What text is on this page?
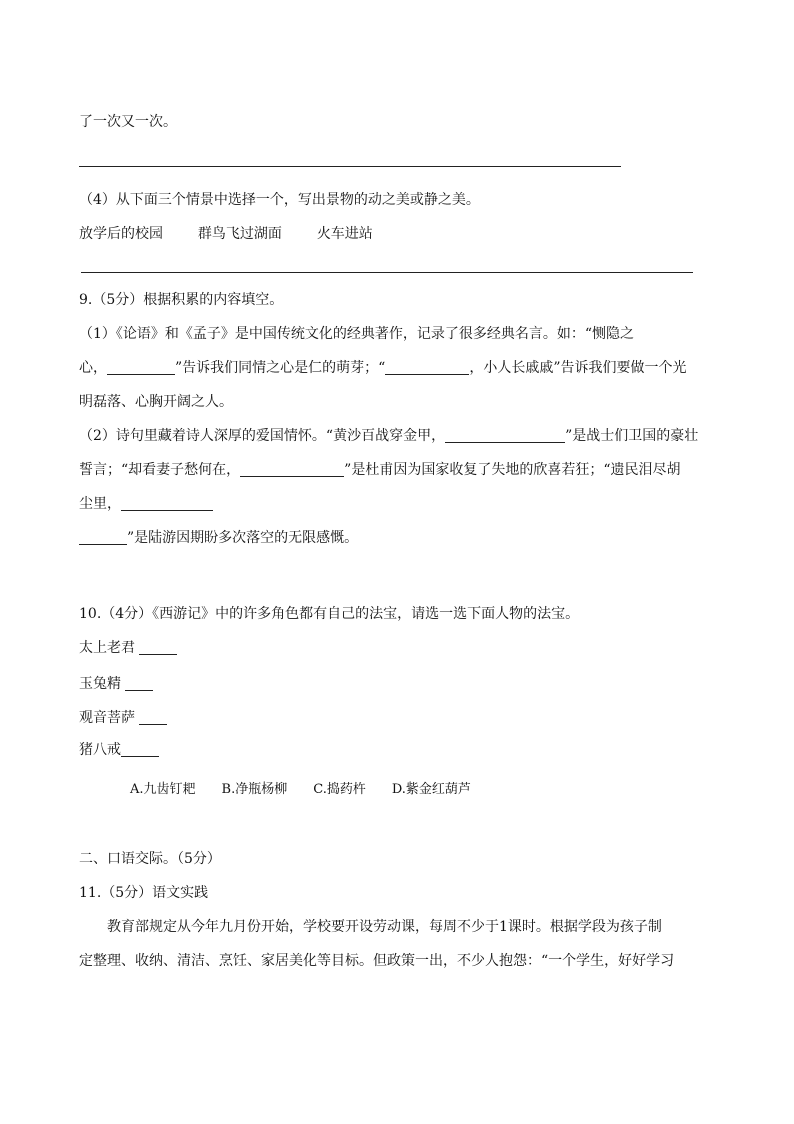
了一次又一次。
（4）从下面三个情景中选择一个，写出景物的动之美或静之美。
放学后的校园 群鸟飞过湖面 火车进站
9.（5分）根据积累的内容填空。
（1）《论语》和《孟子》是中国传统文化的经典著作，记录了很多经典名言。如：“恻隐之
心，	”告诉我们同情之心是仁的萌芽；“	，小人长戚戚”告诉我们要做一个光
明磊落、心胸开阔之人。
（2）诗句里藏着诗人深厚的爱国情怀。“黄沙百战穿金甲，	”是战士们卫国的豪壮
誓言；“却看妻子愁何在，	”是杜甫因为国家收复了失地的欣喜若狂；“遗民泪尽胡
尘里，
”是陆游因期盼多次落空的无限感慨。
10.（4分）《西游记》中的许多角色都有自己的法宝，请选一选下面人物的法宝。
太上老君
玉兔精
观音菩萨
猪八戒
A.九齿钉耙 B.净瓶杨柳 C.捣药杵 D.紫金红葫芦
二、口语交际。（5分）
11.（5分）语文实践
教育部规定从今年九月份开始，学校要开设劳动课，每周不少于1课时。根据学段为孩子制
定整理、收纳、清洁、烹饪、家居美化等目标。但政策一出，不少人抱怨：“一个学生，好好学习
